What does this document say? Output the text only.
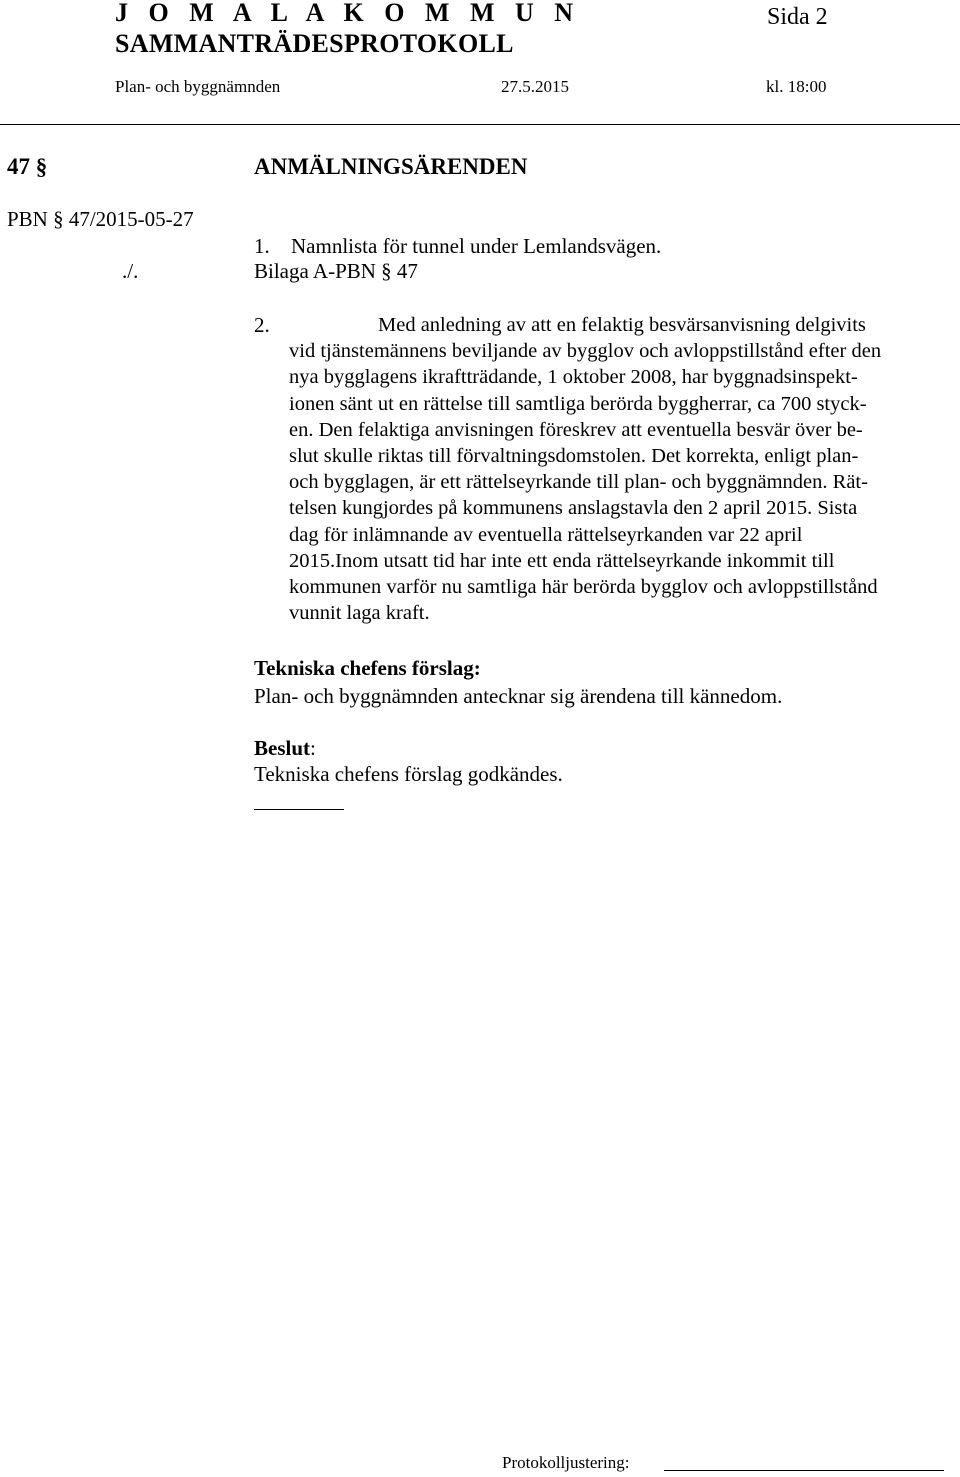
J O M A L A K O M M U N	Sida 2
SAMMANTRÄDESPROTOKOLL
Plan- och byggnämnden	27.5.2015	kl. 18:00
47 §	ANMÄLNINGSÄRENDEN
PBN § 47/2015-05-27
./.
1. Namnlista för tunnel under Lemlandsvägen.
Bilaga A-PBN § 47
2.	Med anledning av att en felaktig besvärsanvisning delgivits
vid tjänstemännens beviljande av bygglov och avloppstillstånd efter den
nya bygglagens ikraftträdande, 1 oktober 2008, har byggnadsinspekt-
ionen sänt ut en rättelse till samtliga berörda byggherrar, ca 700 styck-
en. Den felaktiga anvisningen föreskrev att eventuella besvär över be-
slut skulle riktas till förvaltningsdomstolen. Det korrekta, enligt plan-
och bygglagen, är ett rättelseyrkande till plan- och byggnämnden. Rät-
telsen kungjordes på kommunens anslagstavla den 2 april 2015. Sista
dag för inlämnande av eventuella rättelseyrkanden var 22 april
2015.Inom utsatt tid har inte ett enda rättelseyrkande inkommit till
kommunen varför nu samtliga här berörda bygglov och avloppstillstånd
vunnit laga kraft.
Tekniska chefens förslag:
Plan- och byggnämnden antecknar sig ärendena till kännedom.
Beslut:
Tekniska chefens förslag godkändes.
Protokolljustering:
